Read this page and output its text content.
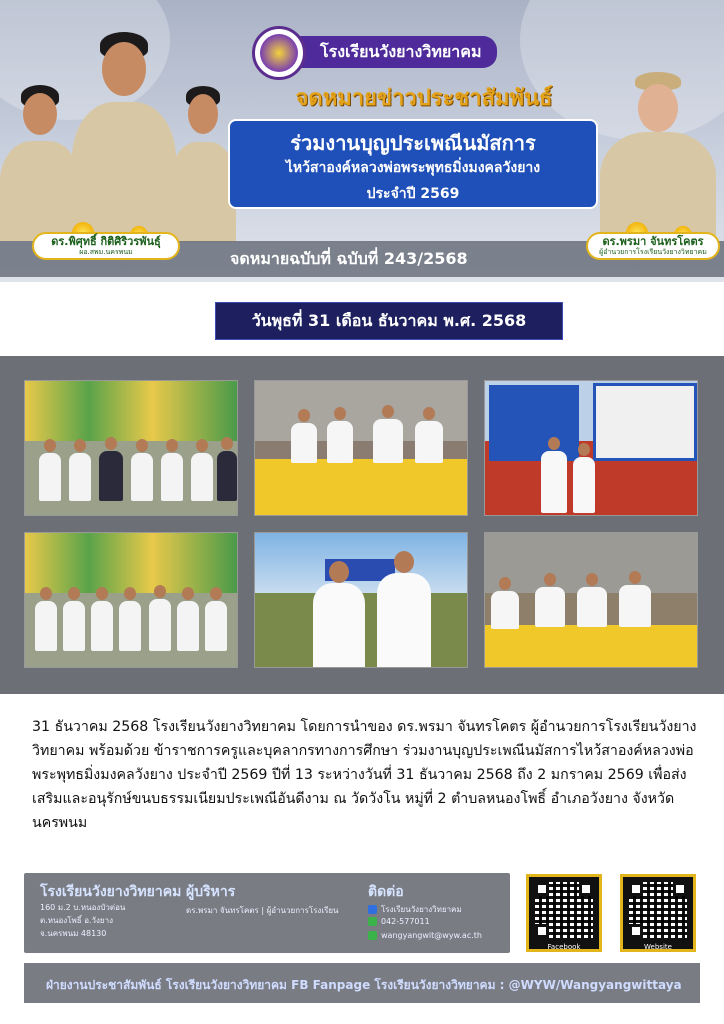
โรงเรียนวังยางวิทยาคม
จดหมายข่าวประชาสัมพันธ์
ร่วมงานบุญประเพณีนมัสการ
ไหว้สาองค์หลวงพ่อพระพุทธมิ่งมงคลวังยาง
ประจำปี 2569
จดหมายฉบับที่ ฉบับที่ 243/2568
ดร.พิศุทธิ์ กิติศิริวรพันธุ์
ผอ.สพม.นครพนม
ดร.พรมา จันทรโคตร
ผู้อำนวยการโรงเรียนวังยางวิทยาคม
วันพุธที่ 31 เดือน ธันวาคม พ.ศ. 2568
31 ธันวาคม 2568 โรงเรียนวังยางวิทยาคม โดยการนำของ ดร.พรมา จันทรโคตร ผู้อำนวยการโรงเรียนวังยางวิทยาคม พร้อมด้วย ข้าราชการครูและบุคลากรทางการศึกษา ร่วมงานบุญประเพณีนมัสการไหว้สาองค์หลวงพ่อพระพุทธมิ่งมงคลวังยาง ประจำปี 2569 ปีที่ 13 ระหว่างวันที่ 31 ธันวาคม 2568 ถึง 2 มกราคม 2569 เพื่อส่งเสริมและอนุรักษ์ขนบธรรมเนียมประเพณีอันดีงาม ณ วัดวังโน หมู่ที่ 2 ตำบลหนองโพธิ์ อำเภอวังยาง จังหวัดนครพนม
โรงเรียนวังยางวิทยาคม
160 ม.2 บ.หนองบัวต่อน
ต.หนองโพธิ์ อ.วังยาง
จ.นครพนม 48130
ผู้บริหาร
ดร.พรมา จันทรโคตร | ผู้อำนวยการโรงเรียน
ติดต่อ
โรงเรียนวังยางวิทยาคม
042-577011
wangyangwit@wyw.ac.th
Facebook	Website
ฝ่ายงานประชาสัมพันธ์ โรงเรียนวังยางวิทยาคม FB Fanpage โรงเรียนวังยางวิทยาคม : @WYW/Wangyangwittaya
